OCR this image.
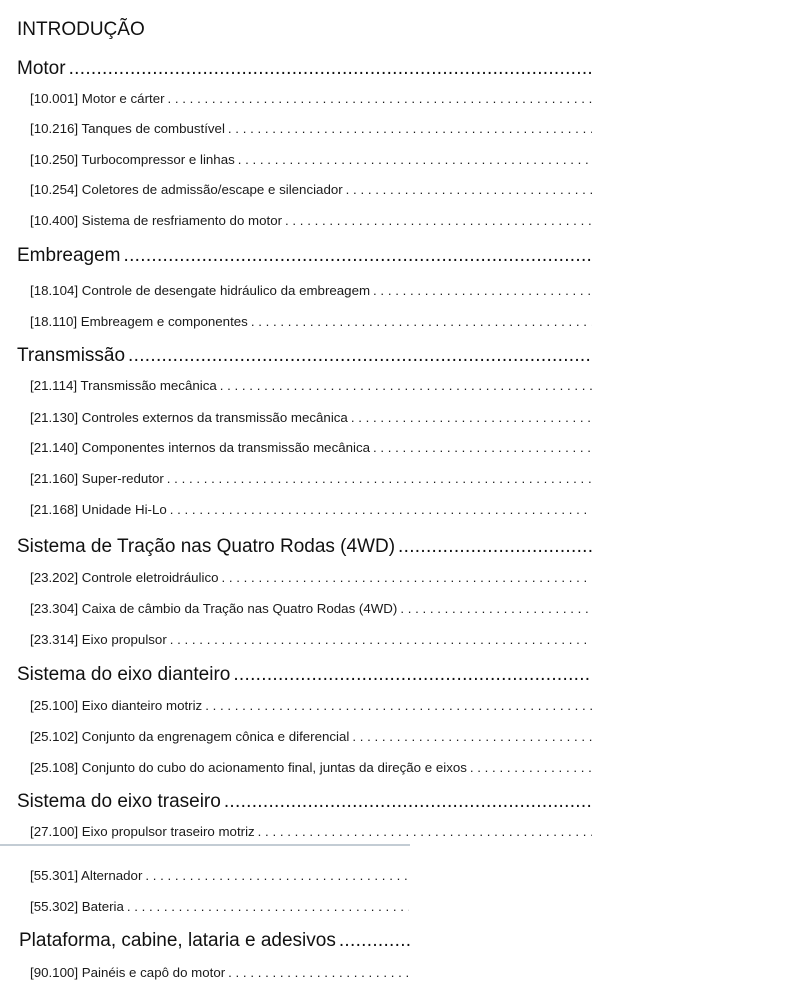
INTRODUÇÃO
Motor
.....
[10.001] Motor e cárter
. . .
[10.216] Tanques de combustível
. . .
[10.250] Turbocompressor e linhas
. . .
[10.254] Coletores de admissão/escape e silenciador
. . .
[10.400] Sistema de resfriamento do motor
. . .
Embreagem
.....
[18.104] Controle de desengate hidráulico da embreagem
. . .
[18.110] Embreagem e componentes
. . .
Transmissão
.....
[21.114] Transmissão mecânica
. . .
[21.130] Controles externos da transmissão mecânica
. . .
[21.140] Componentes internos da transmissão mecânica
. . .
[21.160] Super-redutor
. . .
[21.168] Unidade Hi-Lo
. . .
Sistema de Tração nas Quatro Rodas (4WD)
.....
[23.202] Controle eletroidráulico
. . .
[23.304] Caixa de câmbio da Tração nas Quatro Rodas (4WD)
. . .
[23.314] Eixo propulsor
. . .
Sistema do eixo dianteiro
.....
[25.100] Eixo dianteiro motriz
. . .
[25.102] Conjunto da engrenagem cônica e diferencial
. . .
[25.108] Conjunto do cubo do acionamento final, juntas da direção e eixos
. . .
Sistema do eixo traseiro
.....
[27.100] Eixo propulsor traseiro motriz
. . .
[55.301] Alternador
. . .
[55.302] Bateria
. . .
Plataforma, cabine, lataria e adesivos
.....
[90.100] Painéis e capô do motor
. . .
